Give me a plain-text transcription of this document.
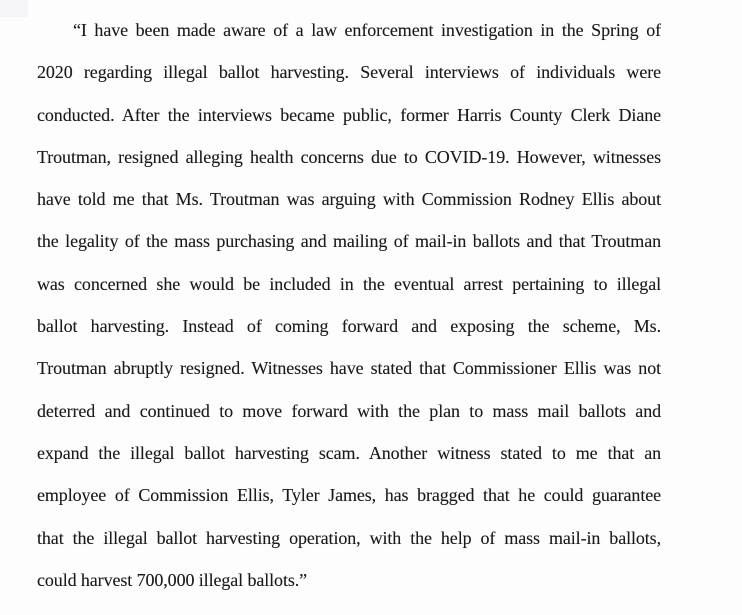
“I have been made aware of a law enforcement investigation in the Spring of
2020 regarding illegal ballot harvesting. Several interviews of individuals were
conducted. After the interviews became public, former Harris County Clerk Diane
Troutman, resigned alleging health concerns due to COVID-19. However, witnesses
have told me that Ms. Troutman was arguing with Commission Rodney Ellis about
the legality of the mass purchasing and mailing of mail-in ballots and that Troutman
was concerned she would be included in the eventual arrest pertaining to illegal
ballot harvesting. Instead of coming forward and exposing the scheme, Ms.
Troutman abruptly resigned. Witnesses have stated that Commissioner Ellis was not
deterred and continued to move forward with the plan to mass mail ballots and
expand the illegal ballot harvesting scam. Another witness stated to me that an
employee of Commission Ellis, Tyler James, has bragged that he could guarantee
that the illegal ballot harvesting operation, with the help of mass mail-in ballots,
could harvest 700,000 illegal ballots.”
